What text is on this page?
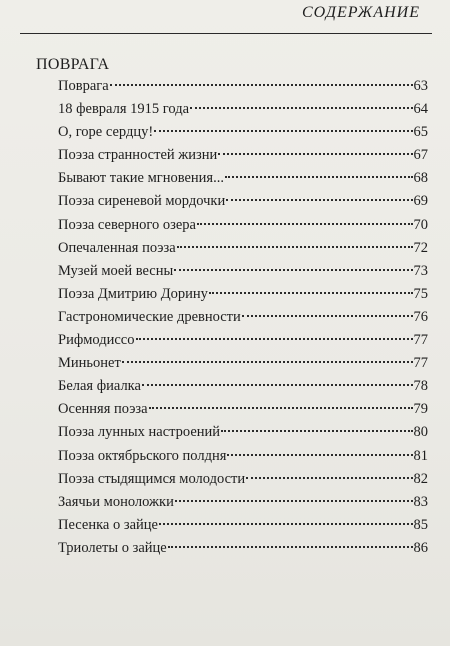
СОДЕРЖАНИЕ
ПОВРАГА
Поврага	63
18 февраля 1915 года	64
О, горе сердцу!	65
Поэза странностей жизни	67
Бывают такие мгновения...	68
Поэза сиреневой мордочки	69
Поэза северного озера	70
Опечаленная поэза	72
Музей моей весны	73
Поэза Дмитрию Дорину	75
Гастрономические древности	76
Рифмодиссо	77
Миньонет	77
Белая фиалка	78
Осенняя поэза	79
Поэза лунных настроений	80
Поэза октябрьского полдня	81
Поэза стыдящимся молодости	82
Заячьи моноложки	83
Песенка о зайце	85
Триолеты о зайце	86
